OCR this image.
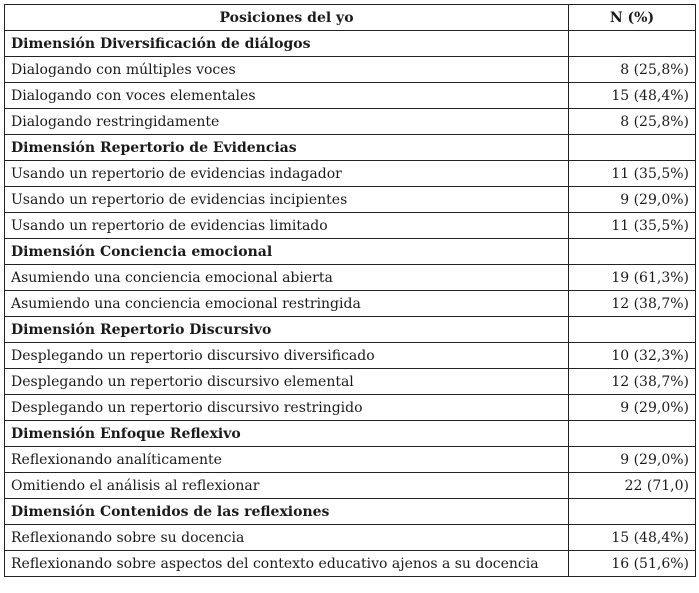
Posiciones del yo	N (%)
Dimensión Diversificación de diálogos	
Dialogando con múltiples voces	8 (25,8%)
Dialogando con voces elementales	15 (48,4%)
Dialogando restringidamente	8 (25,8%)
Dimensión Repertorio de Evidencias	
Usando un repertorio de evidencias indagador	11 (35,5%)
Usando un repertorio de evidencias incipientes	9 (29,0%)
Usando un repertorio de evidencias limitado	11 (35,5%)
Dimensión Conciencia emocional	
Asumiendo una conciencia emocional abierta	19 (61,3%)
Asumiendo una conciencia emocional restringida	12 (38,7%)
Dimensión Repertorio Discursivo	
Desplegando un repertorio discursivo diversificado	10 (32,3%)
Desplegando un repertorio discursivo elemental	12 (38,7%)
Desplegando un repertorio discursivo restringido	9 (29,0%)
Dimensión Enfoque Reflexivo	
Reflexionando analíticamente	9 (29,0%)
Omitiendo el análisis al reflexionar	22 (71,0)
Dimensión Contenidos de las reflexiones	
Reflexionando sobre su docencia	15 (48,4%)
Reflexionando sobre aspectos del contexto educativo ajenos a su docencia	16 (51,6%)
